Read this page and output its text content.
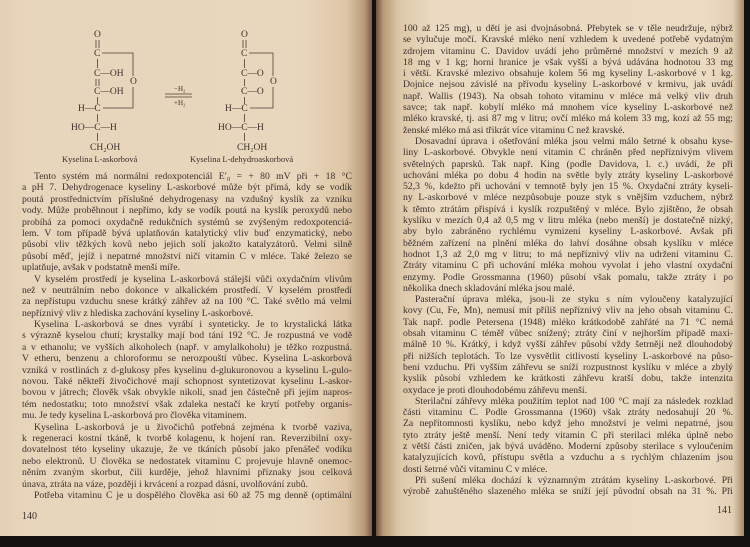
O
C
C—OH
O
C—OH
H—C
HO—C—H
CH₂OH
Kyselina L-askorbová
−H₂
+H₂
O
C
C—O
O
C—O
H—C
HO—C—H
CH₂OH
Kyselina L-dehydroaskorbová
Tento systém má normální redoxpotenciál E′₀ = + 80 mV při + 18 °C
a pH 7. Dehydrogenace kyseliny L-askorbové může být přímá, kdy se vodík
poutá prostřednictvím příslušné dehydrogenasy na vzdušný kyslík za vzniku
vody. Může proběhnout i nepřímo, kdy se vodík poutá na kyslík peroxydů nebo
probíhá za pomoci oxydačně redukčních systémů se zvýšeným redoxpotenciá-
lem. V tom případě bývá uplatňován katalytický vliv buď enzymatický, nebo
působí vliv těžkých kovů nebo jejich solí jakožto katalyzátorů. Velmi silně
působí měď, jejíž i nepatrné množství ničí vitamin C v mléce. Také železo se
uplatňuje, avšak v podstatně menší míře.
V kyselém prostředí je kyselina L-askorbová stálejší vůči oxydačním vlivům
než v neutrálním nebo dokonce v alkalickém prostředí. V kyselém prostředí
za nepřístupu vzduchu snese krátký záhřev až na 100 °C. Také světlo má velmi
nepříznivý vliv z hlediska zachování kyseliny L-askorbové.
Kyselina L-askorbová se dnes vyrábí i synteticky. Je to krystalická látka
s výrazně kyselou chutí; krystalky mají bod tání 192 °C. Je rozpustná ve vodě
a v ethanolu; ve vyšších alkoholech (např. v amylalkoholu) je těžko rozpustná.
V etheru, benzenu a chloroformu se nerozpouští vůbec. Kyselina L-askorbová
vzniká v rostlinách z d-glukosy přes kyselinu d-glukuronovou a kyselinu L-gulo-
novou. Také někteří živočichové mají schopnost syntetizovat kyselinu L-askor-
bovou v játrech; člověk však obvykle nikoli, snad jen částečně při jejím napros-
tém nedostatku; toto množství však zdaleka nestačí ke krytí potřeby organis-
mu. Je tedy kyselina L-askorbová pro člověka vitaminem.
Kyselina L-askorbová je u živočichů potřebná zejména k tvorbě vaziva,
k regeneraci kostní tkáně, k tvorbě kolagenu, k hojení ran. Reverzibilní oxy-
dovatelnost této kyseliny ukazuje, že ve tkáních působí jako přenášeč vodíku
nebo elektronů. U člověka se nedostatek vitaminu C projevuje hlavně onemoc-
něním zvaným skorbut, čili kurděje, jehož hlavními příznaky jsou celková
únava, ztráta na váze, později i krvácení a rozpad dásní, uvolňování zubů.
Potřeba vitaminu C je u dospělého člověka asi 60 až 75 mg denně (optimální
140
100 až 125 mg), u dětí je asi dvojnásobná. Přebytek se v těle neudržuje, nýbrž
se vylučuje močí. Kravské mléko není vzhledem k uvedené potřebě vydatným
zdrojem vitaminu C. Davidov uvádí jeho průměrné množství v mezích 9 až
18 mg v 1 kg; horní hranice je však vyšší a bývá udávána hodnotou 33 mg
i větší. Kravské mlezivo obsahuje kolem 56 mg kyseliny L-askorbové v 1 kg.
Dojnice nejsou závislé na přívodu kyseliny L-askorbové v krmivu, jak uvádí
např. Wallis (1943). Na obsah tohoto vitaminu v mléce má velký vliv druh
savce; tak např. kobylí mléko má mnohem více kyseliny L-askorbové než
mléko kravské, tj. asi 87 mg v litru; ovčí mléko má kolem 33 mg, kozí až 55 mg;
ženské mléko má asi třikrát více vitaminu C než kravské.
Dosavadní úprava i ošetřování mléka jsou velmi málo šetrné k obsahu kyse-
liny L-askorbové. Obvykle není vitamin C chráněn před nepříznivým vlivem
světelných paprsků. Tak např. King (podle Davidova, l. c.) uvádí, že při
uchování mléka po dobu 4 hodin na světle byly ztráty kyseliny L-askorbové
52,3 %, kdežto při uchování v temnotě byly jen 15 %. Oxydační ztráty kyseli-
ny L-askorbové v mléce nezpůsobuje pouze styk s vnějším vzduchem, nýbrž
k těmto ztrátám přispívá i kyslík rozpuštěný v mléce. Bylo zjištěno, že obsah
kyslíku v mezích 0,4 až 0,5 mg v litru mléka (nebo menší) je dostatečně nízký,
aby bylo zabráněno rychlému vymizení kyseliny L-askorbové. Avšak při
běžném zařízení na plnění mléka do lahví dosáhne obsah kyslíku v mléce
hodnot 1,3 až 2,0 mg v litru; to má nepříznivý vliv na udržení vitaminu C.
Ztráty vitaminu C při uchování mléka mohou vyvolat i jeho vlastní oxydační
enzymy. Podle Grossmanna (1960) působí však pomalu, takže ztráty i po
několika dnech skladování mléka jsou malé.
Pasterační úprava mléka, jsou-li ze styku s ním vyloučeny katalyzující
kovy (Cu, Fe, Mn), nemusí mít příliš nepříznivý vliv na jeho obsah vitaminu C.
Tak např. podle Petersena (1948) mléko krátkodobě zahřáté na 71 °C nemá
obsah vitaminu C téměř vůbec snížený; ztráty činí v nejhorším případě maxi-
málně 10 %. Krátký, i když vyšší záhřev působí vždy šetrněji než dlouhodobý
při nižších teplotách. To lze vysvětlit citlivostí kyseliny L-askorbové na půso-
bení vzduchu. Při vyšším záhřevu se sníží rozpustnost kyslíku v mléce a zbylý
kyslík působí vzhledem ke krátkosti záhřevu kratší dobu, takže intenzita
oxydace je proti dlouhodobému záhřevu menší.
Sterilační záhřevy mléka použitím teplot nad 100 °C mají za následek rozklad
části vitaminu C. Podle Grossmanna (1960) však ztráty nedosahují 20 %.
Za nepřítomnosti kyslíku, nebo když jeho množství je velmi nepatrné, jsou
tyto ztráty ještě menší. Není tedy vitamin C při sterilaci mléka úplně nebo
z větší části zničen, jak bývá uváděno. Moderní způsoby sterilace s vyloučením
katalyzujících kovů, přístupu světla a vzduchu a s rychlým chlazením jsou
dosti šetrné vůči vitaminu C v mléce.
Při sušení mléka dochází k významným ztrátám kyseliny L-askorbové. Při
výrobě zahuštěného slazeného mléka se sníží její původní obsah na 31 %. Při
141
